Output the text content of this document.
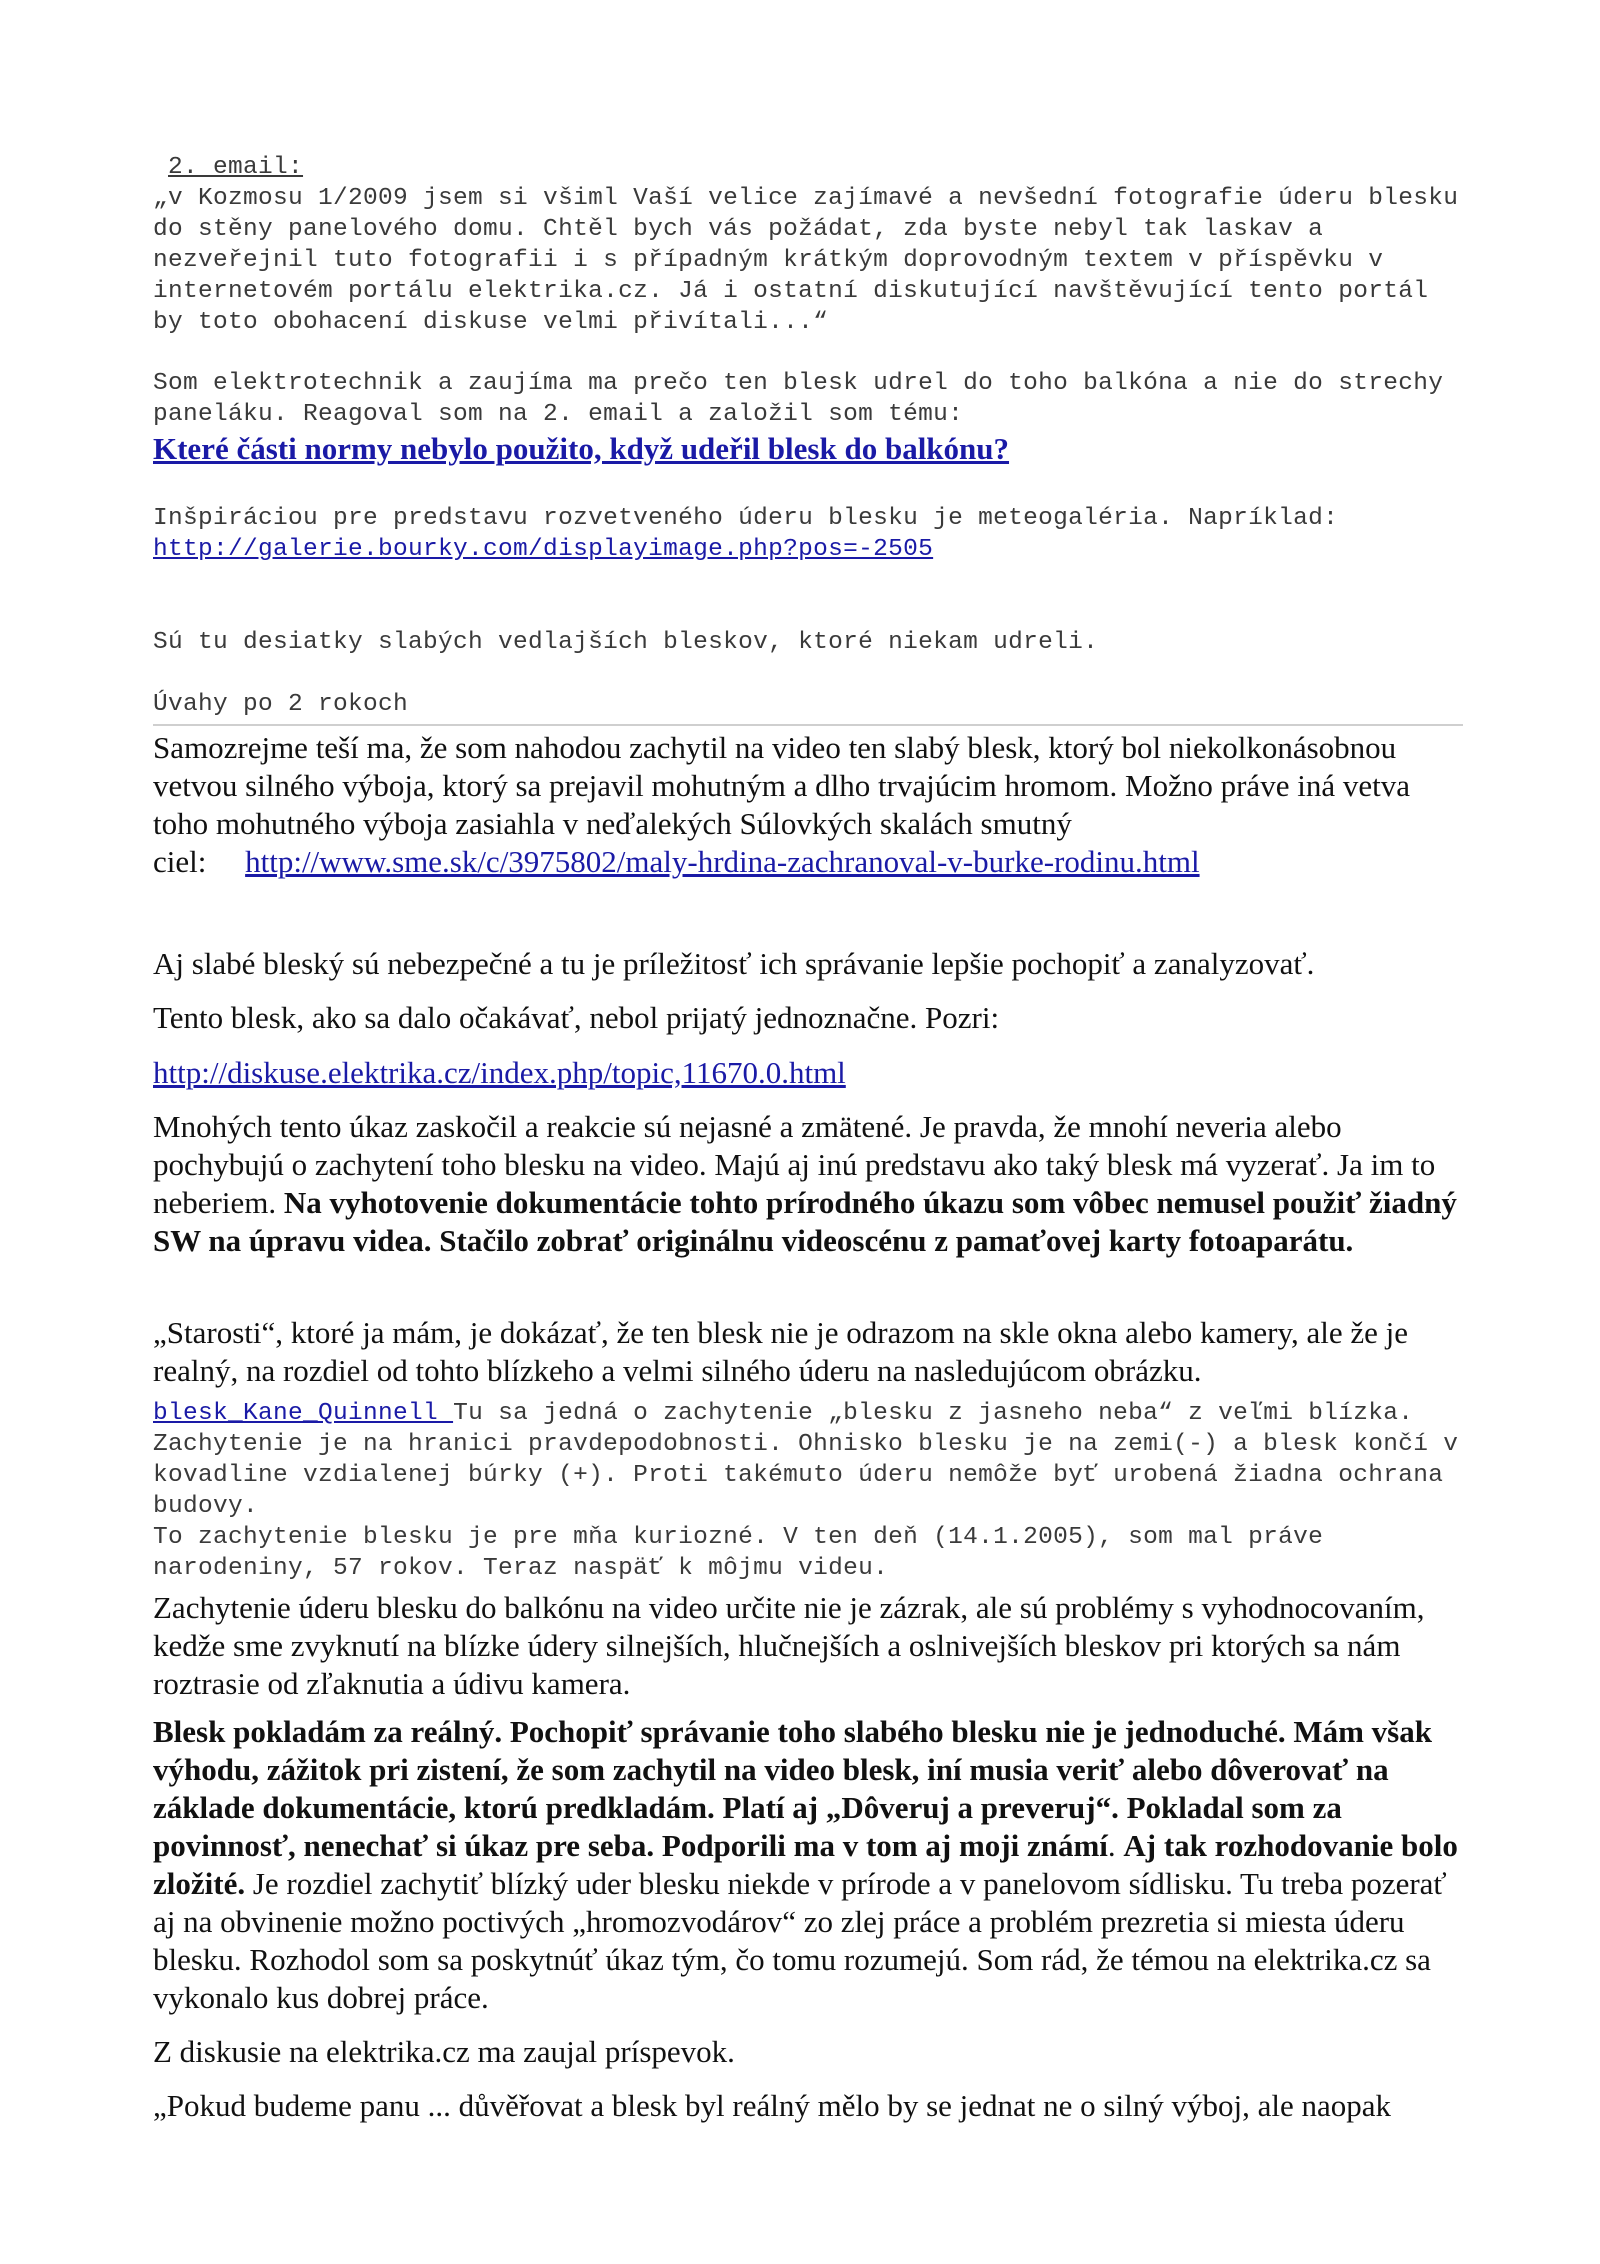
2. email:

„v Kozmosu 1/2009 jsem si všiml Vaší velice zajímavé a nevšední fotografie úderu blesku do stěny panelového domu. Chtěl bych vás požádat, zda byste nebyl tak laskav a nezveřejnil tuto fotografii i s případným krátkým doprovodným textem v příspěvku v internetovém portálu elektrika.cz. Já i ostatní diskutující navštěvující tento portál by toto obohacení diskuse velmi přivítali...“

Som elektrotechnik a zaujíma ma prečo ten blesk udrel do toho balkóna a nie do strechy paneláku. Reagoval som na 2. email a založil som tému:
Které části normy nebylo použito, když udeřil blesk do balkónu?

Inšpiráciou pre predstavu rozvetveného úderu blesku je meteogaléria. Napríklad:

http://galerie.bourky.com/displayimage.php?pos=-2505

Sú tu desiatky slabých vedlajších bleskov, ktoré niekam udreli.
Úvahy po 2 rokoch
Samozrejme teší ma, že som nahodou zachytil na video ten slabý blesk, ktorý bol niekolkonásobnou vetvou silného výboja, ktorý sa prejavil mohutným a dlho trvajúcim hromom. Možno práve iná vetva toho mohutného výboja zasiahla v neďalekých Súlovkých skalách smutný ciel: http://www.sme.sk/c/3975802/maly-hrdina-zachranoval-v-burke-rodinu.html
Aj slabé bleský sú nebezpečné a tu je príležitosť ich správanie lepšie pochopiť a zanalyzovať.
Tento blesk, ako sa dalo očakávať, nebol prijatý jednoznačne. Pozri:
http://diskuse.elektrika.cz/index.php/topic,11670.0.html
Mnohých tento úkaz zaskočil a reakcie sú nejasné a zmätené. Je pravda, že mnohí neveria alebo pochybujú o zachytení toho blesku na video. Majú aj inú predstavu ako taký blesk má vyzerať. Ja im to neberiem. Na vyhotovenie dokumentácie tohto prírodného úkazu som vôbec nemusel použiť žiadný SW na úpravu videa. Stačilo zobrať originálnu videoscénu z pamaťovej karty fotoaparátu.
„Starosti“, ktoré ja mám, je dokázať, že ten blesk nie je odrazom na skle okna alebo kamery, ale že je realný, na rozdiel od tohto blízkeho a velmi silného úderu na nasledujúcom obrázku.

blesk_Kane_Quinnell Tu sa jedná o zachytenie „blesku z jasneho neba“ z veľmi blízka. Zachytenie je na hranici pravdepodobnosti. Ohnisko blesku je na zemi(-) a blesk končí v kovadline vzdialenej búrky (+). Proti takémuto úderu nemôže byť urobená žiadna ochrana budovy.

To zachytenie blesku je pre mňa kuriozné. V ten deň (14.1.2005), som mal práve narodeniny, 57 rokov. Teraz naspäť k môjmu videu.

Zachytenie úderu blesku do balkónu na video určite nie je zázrak, ale sú problémy s vyhodnocovaním, kedže sme zvyknutí na blízke údery silnejších, hlučnejších a oslnivejších bleskov pri ktorých sa nám roztrasie od zľaknutia a údivu kamera.
Blesk pokladám za reálný. Pochopiť správanie toho slabého blesku nie je jednoduché. Mám však výhodu, zážitok pri zistení, že som zachytil na video blesk, iní musia veriť alebo dôverovať na základe dokumentácie, ktorú predkladám. Platí aj „Dôveruj a preveruj“. Pokladal som za povinnosť, nenechať si úkaz pre seba. Podporili ma v tom aj moji známí. Aj tak rozhodovanie bolo zložité. Je rozdiel zachytiť blízký uder blesku niekde v prírode a v panelovom sídlisku. Tu treba pozerať aj na obvinenie možno poctivých „hromozvodárov“ zo zlej práce a problém prezretia si miesta úderu blesku. Rozhodol som sa poskytnúť úkaz tým, čo tomu rozumejú. Som rád, že témou na elektrika.cz sa vykonalo kus dobrej práce.
Z diskusie na elektrika.cz ma zaujal príspevok.
„Pokud budeme panu ... důvěřovat a blesk byl reálný mělo by se jednat ne o silný výboj, ale naopak
